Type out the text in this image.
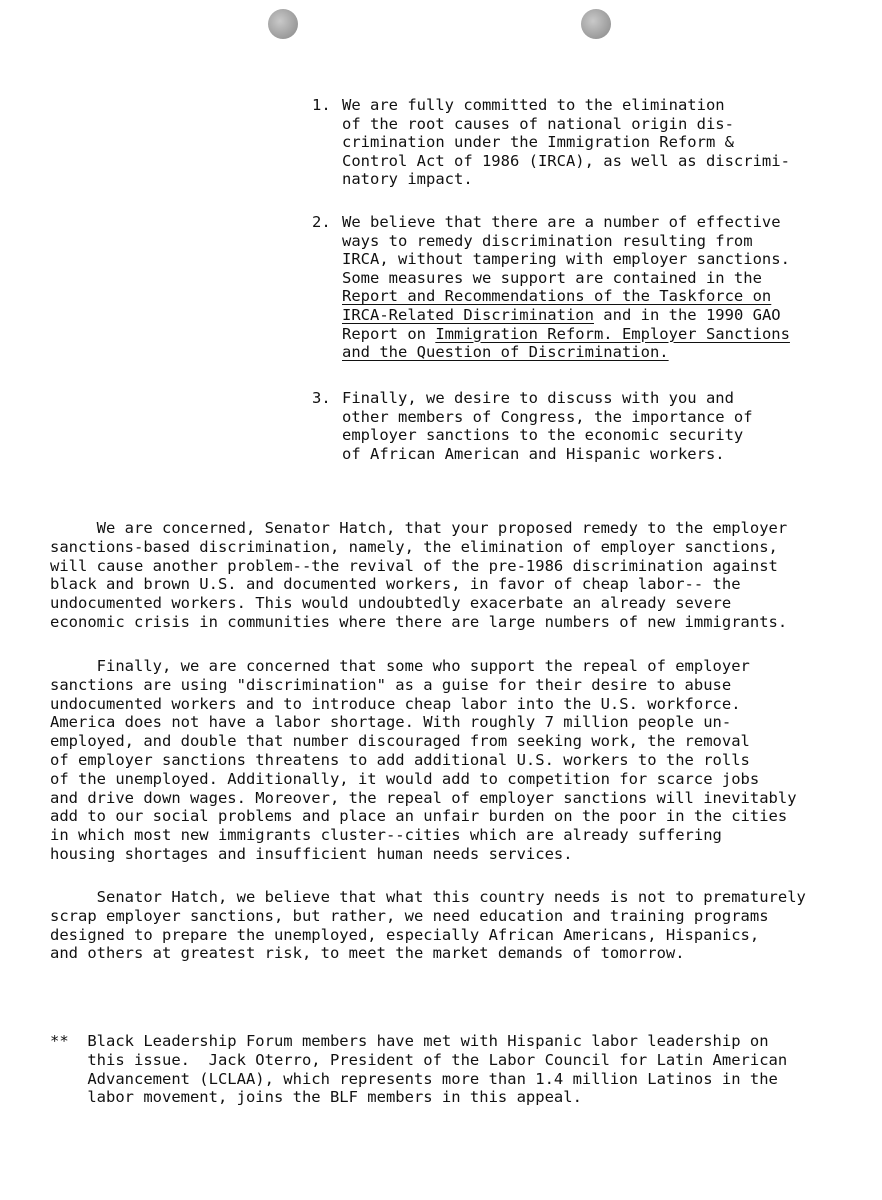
1. We are fully committed to the elimination

of the root causes of national origin dis-

crimination under the Immigration Reform &

Control Act of 1986 (IRCA), as well as discrimi-

natory impact.

2. We believe that there are a number of effective

ways to remedy discrimination resulting from

IRCA, without tampering with employer sanctions.

Some measures we support are contained in the

Report and Recommendations of the Taskforce on

IRCA-Related Discrimination and in the 1990 GAO

Report on Immigration Reform. Employer Sanctions

and the Question of Discrimination.

3. Finally, we desire to discuss with you and

other members of Congress, the importance of

employer sanctions to the economic security

of African American and Hispanic workers.

We are concerned, Senator Hatch, that your proposed remedy to the employer

sanctions-based discrimination, namely, the elimination of employer sanctions,

will cause another problem--the revival of the pre-1986 discrimination against

black and brown U.S. and documented workers, in favor of cheap labor-- the

undocumented workers. This would undoubtedly exacerbate an already severe

economic crisis in communities where there are large numbers of new immigrants.

Finally, we are concerned that some who support the repeal of employer

sanctions are using "discrimination" as a guise for their desire to abuse

undocumented workers and to introduce cheap labor into the U.S. workforce.

America does not have a labor shortage. With roughly 7 million people un-

employed, and double that number discouraged from seeking work, the removal

of employer sanctions threatens to add additional U.S. workers to the rolls

of the unemployed. Additionally, it would add to competition for scarce jobs

and drive down wages. Moreover, the repeal of employer sanctions will inevitably

add to our social problems and place an unfair burden on the poor in the cities

in which most new immigrants cluster--cities which are already suffering

housing shortages and insufficient human needs services.

Senator Hatch, we believe that what this country needs is not to prematurely

scrap employer sanctions, but rather, we need education and training programs

designed to prepare the unemployed, especially African Americans, Hispanics,

and others at greatest risk, to meet the market demands of tomorrow.

**  Black Leadership Forum members have met with Hispanic labor leadership on

this issue.  Jack Oterro, President of the Labor Council for Latin American

Advancement (LCLAA), which represents more than 1.4 million Latinos in the

labor movement, joins the BLF members in this appeal.
